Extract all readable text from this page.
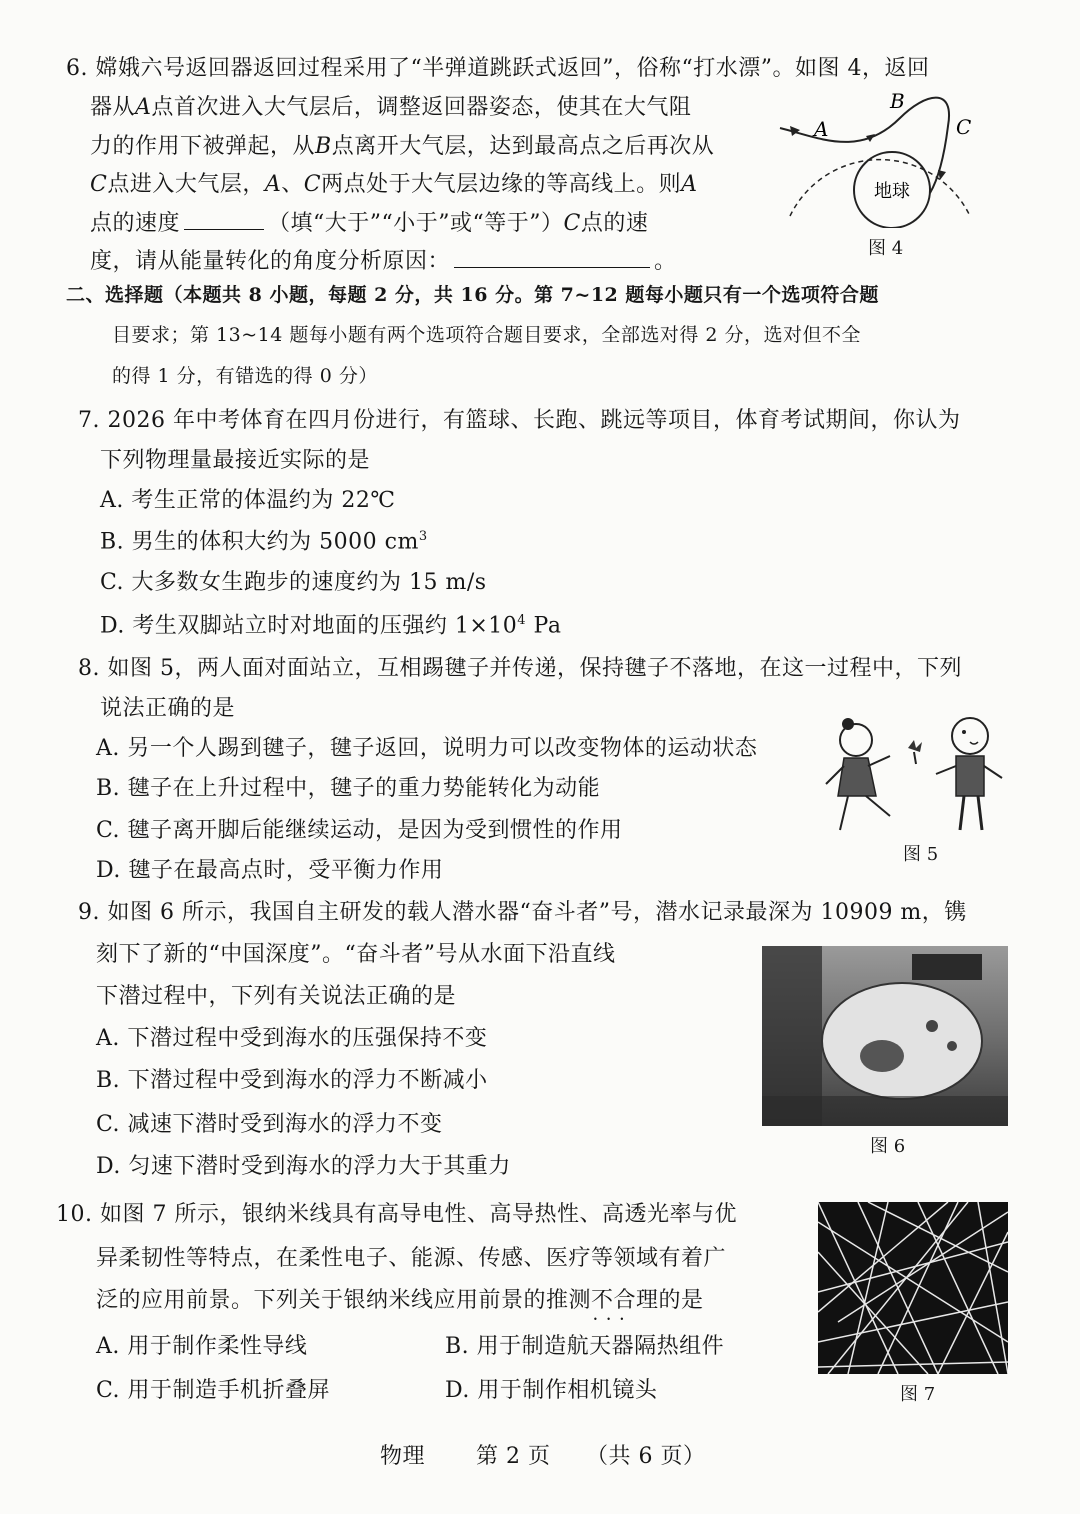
6. 嫦娥六号返回器返回过程采用了“半弹道跳跃式返回”，俗称“打水漂”。如图 4，返回
器从A点首次进入大气层后，调整返回器姿态，使其在大气阻
力的作用下被弹起，从B点离开大气层，达到最高点之后再次从
C点进入大气层，A、C两点处于大气层边缘的等高线上。则A
点的速度	（填“大于”“小于”或“等于”）C点的速
度，请从能量转化的角度分析原因：	。
地球
A
B
C
图 4
二、选择题（本题共 8 小题，每题 2 分，共 16 分。第 7~12 题每小题只有一个选项符合题
目要求；第 13~14 题每小题有两个选项符合题目要求，全部选对得 2 分，选对但不全
的得 1 分，有错选的得 0 分）
7. 2026 年中考体育在四月份进行，有篮球、长跑、跳远等项目，体育考试期间，你认为
下列物理量最接近实际的是
A. 考生正常的体温约为 22℃
B. 男生的体积大约为 5000 $cm^3$
C. 大多数女生跑步的速度约为 15 m/s
D. 考生双脚站立时对地面的压强约 $1\times 10^4$ Pa
8. 如图 5，两人面对面站立，互相踢毽子并传递，保持毽子不落地，在这一过程中，下列
说法正确的是
A. 另一个人踢到毽子，毽子返回，说明力可以改变物体的运动状态
B. 毽子在上升过程中，毽子的重力势能转化为动能
C. 毽子离开脚后能继续运动，是因为受到惯性的作用
D. 毽子在最高点时，受平衡力作用
图 5
9. 如图 6 所示，我国自主研发的载人潜水器“奋斗者”号，潜水记录最深为 10909 m，镌
刻下了新的“中国深度”。“奋斗者”号从水面下沿直线
下潜过程中，下列有关说法正确的是
A. 下潜过程中受到海水的压强保持不变
B. 下潜过程中受到海水的浮力不断减小
C. 减速下潜时受到海水的浮力不变
D. 匀速下潜时受到海水的浮力大于其重力
图 6
10. 如图 7 所示，银纳米线具有高导电性、高导热性、高透光率与优
异柔韧性等特点，在柔性电子、能源、传感、医疗等领域有着广
泛的应用前景。下列关于银纳米线应用前景的推测不合理 • • •的是
A. 用于制作柔性导线	B. 用于制造航天器隔热组件
C. 用于制造手机折叠屏	D. 用于制作相机镜头	图 7
物理 第 2 页 （共 6 页）
